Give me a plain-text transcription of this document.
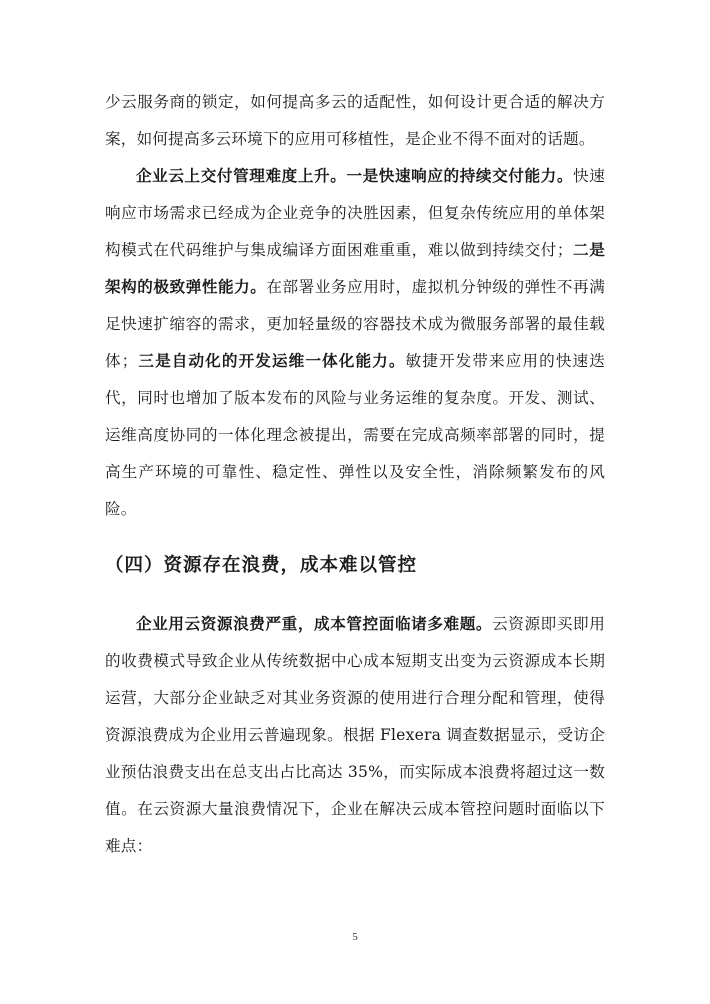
少云服务商的锁定，如何提高多云的适配性，如何设计更合适的解决方案，如何提高多云环境下的应用可移植性，是企业不得不面对的话题。

企业云上交付管理难度上升。一是快速响应的持续交付能力。快速响应市场需求已经成为企业竞争的决胜因素，但复杂传统应用的单体架构模式在代码维护与集成编译方面困难重重，难以做到持续交付；二是架构的极致弹性能力。在部署业务应用时，虚拟机分钟级的弹性不再满足快速扩缩容的需求，更加轻量级的容器技术成为微服务部署的最佳载体；三是自动化的开发运维一体化能力。敏捷开发带来应用的快速迭代，同时也增加了版本发布的风险与业务运维的复杂度。开发、测试、运维高度协同的一体化理念被提出，需要在完成高频率部署的同时，提高生产环境的可靠性、稳定性、弹性以及安全性，消除频繁发布的风险。

（四）资源存在浪费，成本难以管控

企业用云资源浪费严重，成本管控面临诸多难题。云资源即买即用的收费模式导致企业从传统数据中心成本短期支出变为云资源成本长期运营，大部分企业缺乏对其业务资源的使用进行合理分配和管理，使得资源浪费成为企业用云普遍现象。根据 Flexera 调查数据显示，受访企业预估浪费支出在总支出占比高达 35%，而实际成本浪费将超过这一数值。在云资源大量浪费情况下，企业在解决云成本管控问题时面临以下难点：

5
